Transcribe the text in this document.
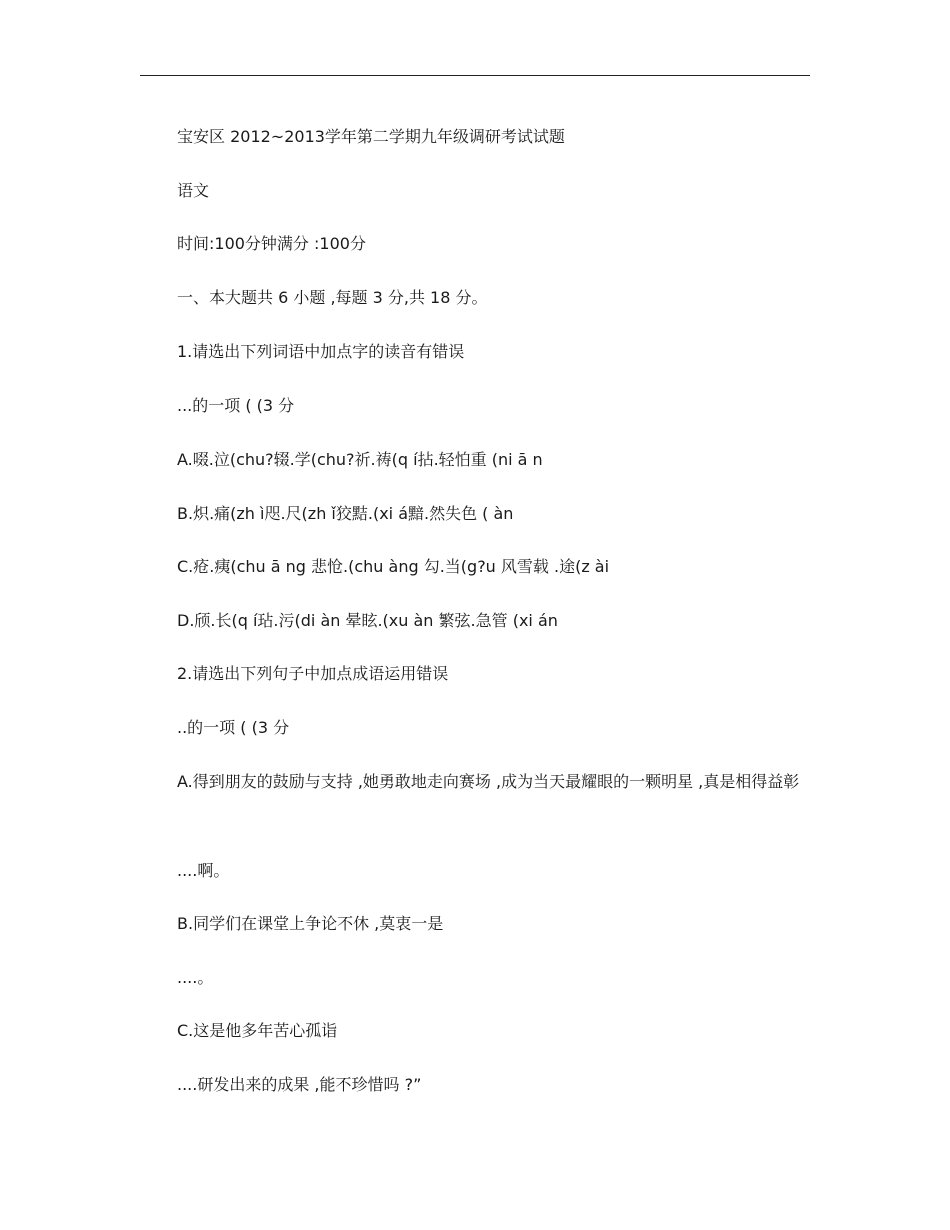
宝安区 2012~2013学年第二学期九年级调研考试试题

语文

时间:100分钟满分 :100分

一、本大题共 6 小题 ,每题 3 分,共 18 分。

1.请选出下列词语中加点字的读音有错误

...的一项 ( (3 分

A.啜.泣(chu?辍.学(chu?祈.祷(q í拈.轻怕重 (ni ā n

B.炽.痛(zh ì咫.尺(zh ǐ狡黠.(xi á黯.然失色 ( àn

C.疮.痍(chu ā ng 悲怆.(chu àng 勾.当(g?u 风雪载 .途(z ài

D.颀.长(q í玷.污(di àn 晕眩.(xu àn 繁弦.急管 (xi án

2.请选出下列句子中加点成语运用错误

..的一项 ( (3 分

A.得到朋友的鼓励与支持 ,她勇敢地走向赛场 ,成为当天最耀眼的一颗明星 ,真是相得益彰

....啊。

B.同学们在课堂上争论不休 ,莫衷一是

....。

C.这是他多年苦心孤诣

....研发出来的成果 ,能不珍惜吗 ?”
